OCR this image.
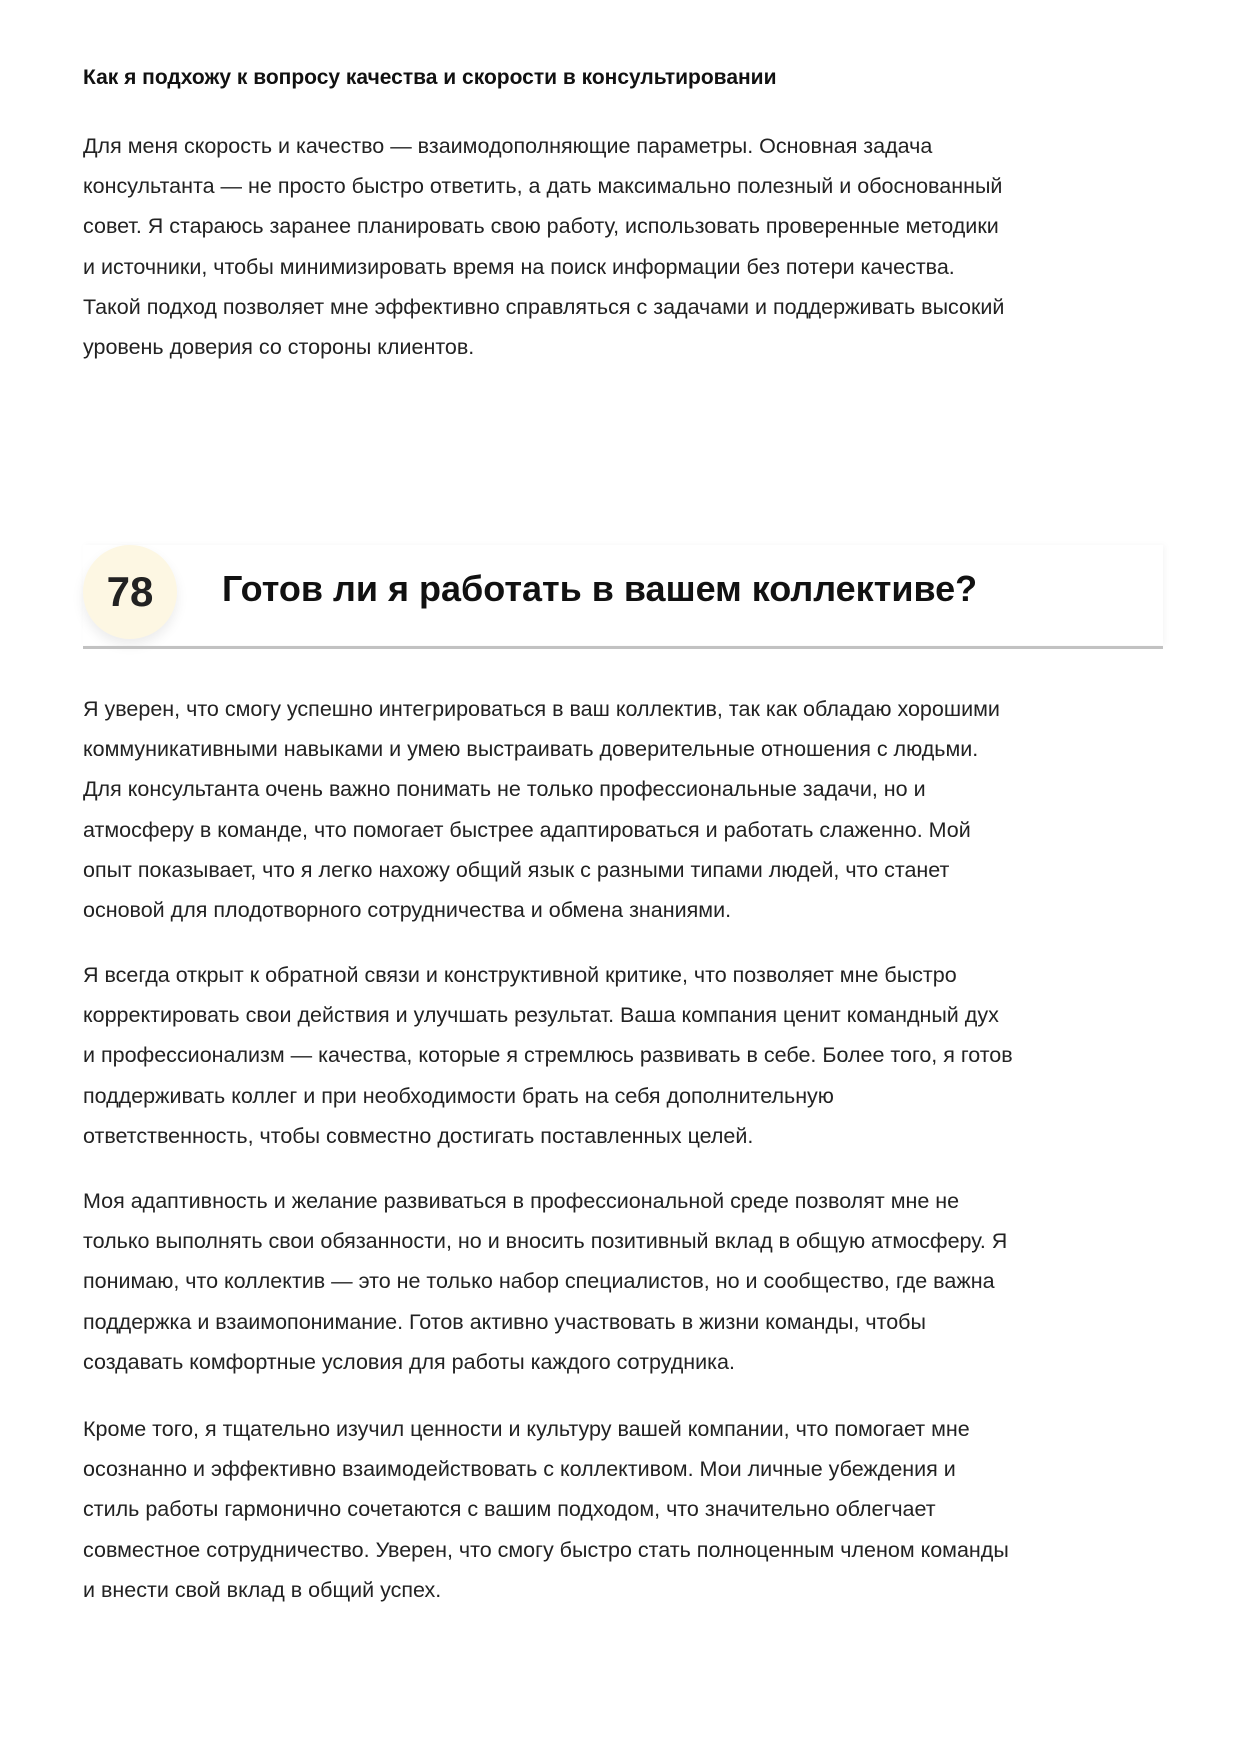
Как я подхожу к вопросу качества и скорости в консультировании
Для меня скорость и качество — взаимодополняющие параметры. Основная задача
консультанта — не просто быстро ответить, а дать максимально полезный и обоснованный
совет. Я стараюсь заранее планировать свою работу, использовать проверенные методики
и источники, чтобы минимизировать время на поиск информации без потери качества.
Такой подход позволяет мне эффективно справляться с задачами и поддерживать высокий
уровень доверия со стороны клиентов.
78	Готов ли я работать в вашем коллективе?
Я уверен, что смогу успешно интегрироваться в ваш коллектив, так как обладаю хорошими
коммуникативными навыками и умею выстраивать доверительные отношения с людьми.
Для консультанта очень важно понимать не только профессиональные задачи, но и
атмосферу в команде, что помогает быстрее адаптироваться и работать слаженно. Мой
опыт показывает, что я легко нахожу общий язык с разными типами людей, что станет
основой для плодотворного сотрудничества и обмена знаниями.
Я всегда открыт к обратной связи и конструктивной критике, что позволяет мне быстро
корректировать свои действия и улучшать результат. Ваша компания ценит командный дух
и профессионализм — качества, которые я стремлюсь развивать в себе. Более того, я готов
поддерживать коллег и при необходимости брать на себя дополнительную
ответственность, чтобы совместно достигать поставленных целей.
Моя адаптивность и желание развиваться в профессиональной среде позволят мне не
только выполнять свои обязанности, но и вносить позитивный вклад в общую атмосферу. Я
понимаю, что коллектив — это не только набор специалистов, но и сообщество, где важна
поддержка и взаимопонимание. Готов активно участвовать в жизни команды, чтобы
создавать комфортные условия для работы каждого сотрудника.
Кроме того, я тщательно изучил ценности и культуру вашей компании, что помогает мне
осознанно и эффективно взаимодействовать с коллективом. Мои личные убеждения и
стиль работы гармонично сочетаются с вашим подходом, что значительно облегчает
совместное сотрудничество. Уверен, что смогу быстро стать полноценным членом команды
и внести свой вклад в общий успех.
